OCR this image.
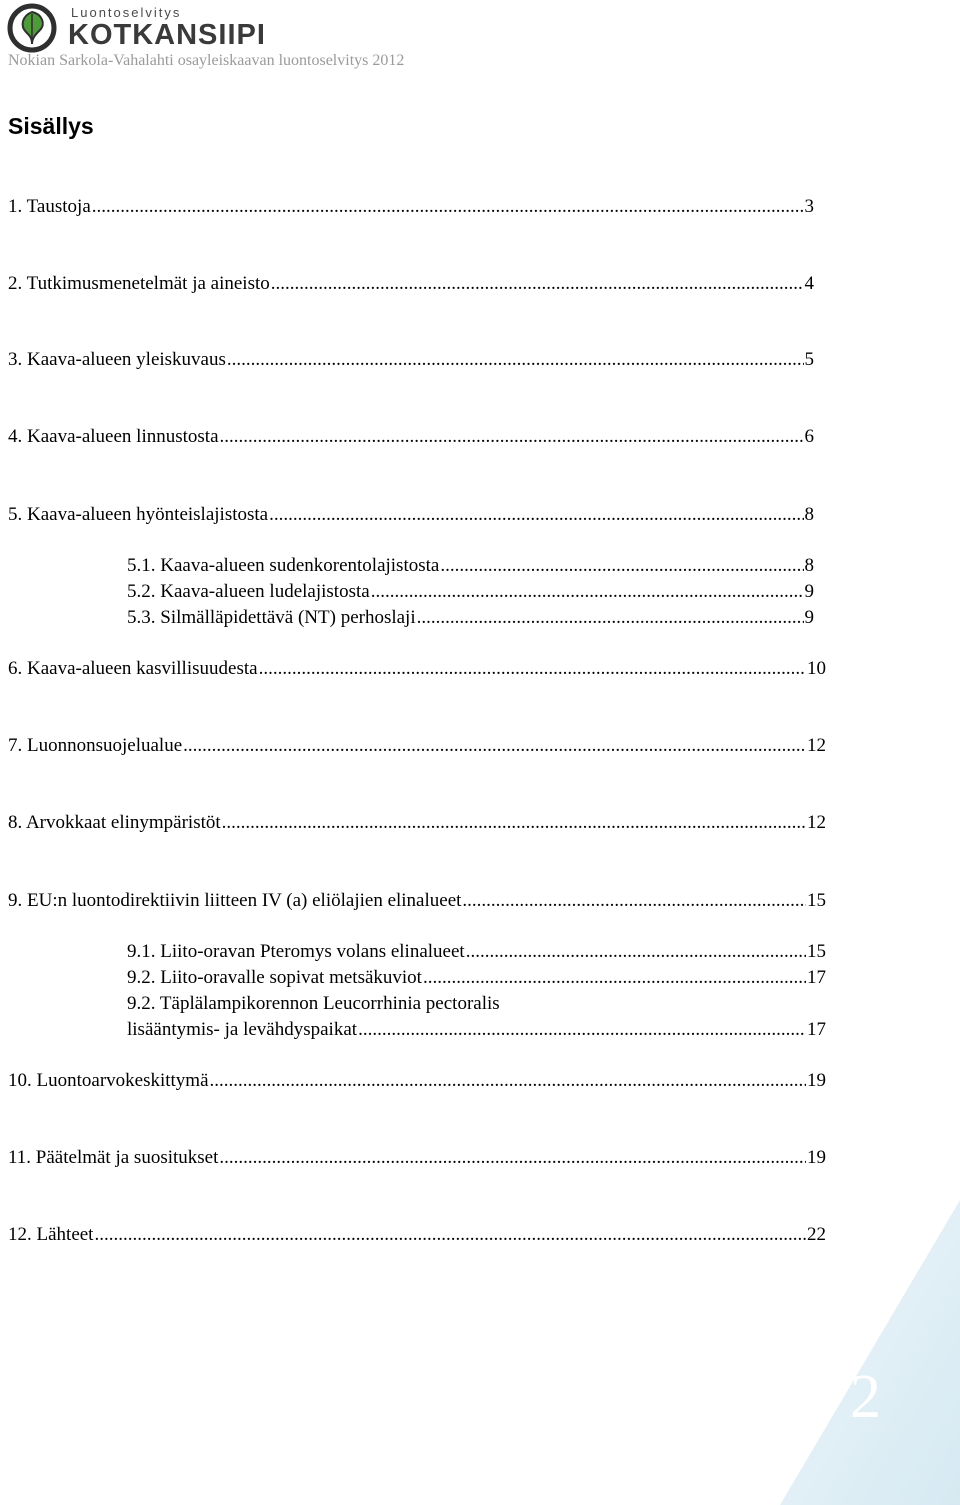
Luontoselvitys
KOTKANSIIPI
Nokian Sarkola-Vahalahti osayleiskaavan luontoselvitys 2012
Sisällys
1. Taustoja .....	3
2. Tutkimusmenetelmät ja aineisto .....	4
3. Kaava-alueen yleiskuvaus .....	5
4. Kaava-alueen linnustosta .....	6
5. Kaava-alueen hyönteislajistosta .....	8
5.1. Kaava-alueen sudenkorentolajistosta .....	8
5.2. Kaava-alueen ludelajistosta .....	9
5.3. Silmälläpidettävä (NT) perhoslaji .....	9
6. Kaava-alueen kasvillisuudesta .....	10
7. Luonnonsuojelualue .....	12
8. Arvokkaat elinympäristöt .....	12
9. EU:n luontodirektiivin liitteen IV (a) eliölajien elinalueet .....	15
9.1. Liito-oravan Pteromys volans elinalueet .....	15
9.2. Liito-oravalle sopivat metsäkuviot .....	17
9.2. Täplälampikorennon Leucorrhinia pectoralis
lisääntymis- ja levähdyspaikat .....	17
10. Luontoarvokeskittymä .....	19
11. Päätelmät ja suositukset .....	19
12. Lähteet .....	22
2
